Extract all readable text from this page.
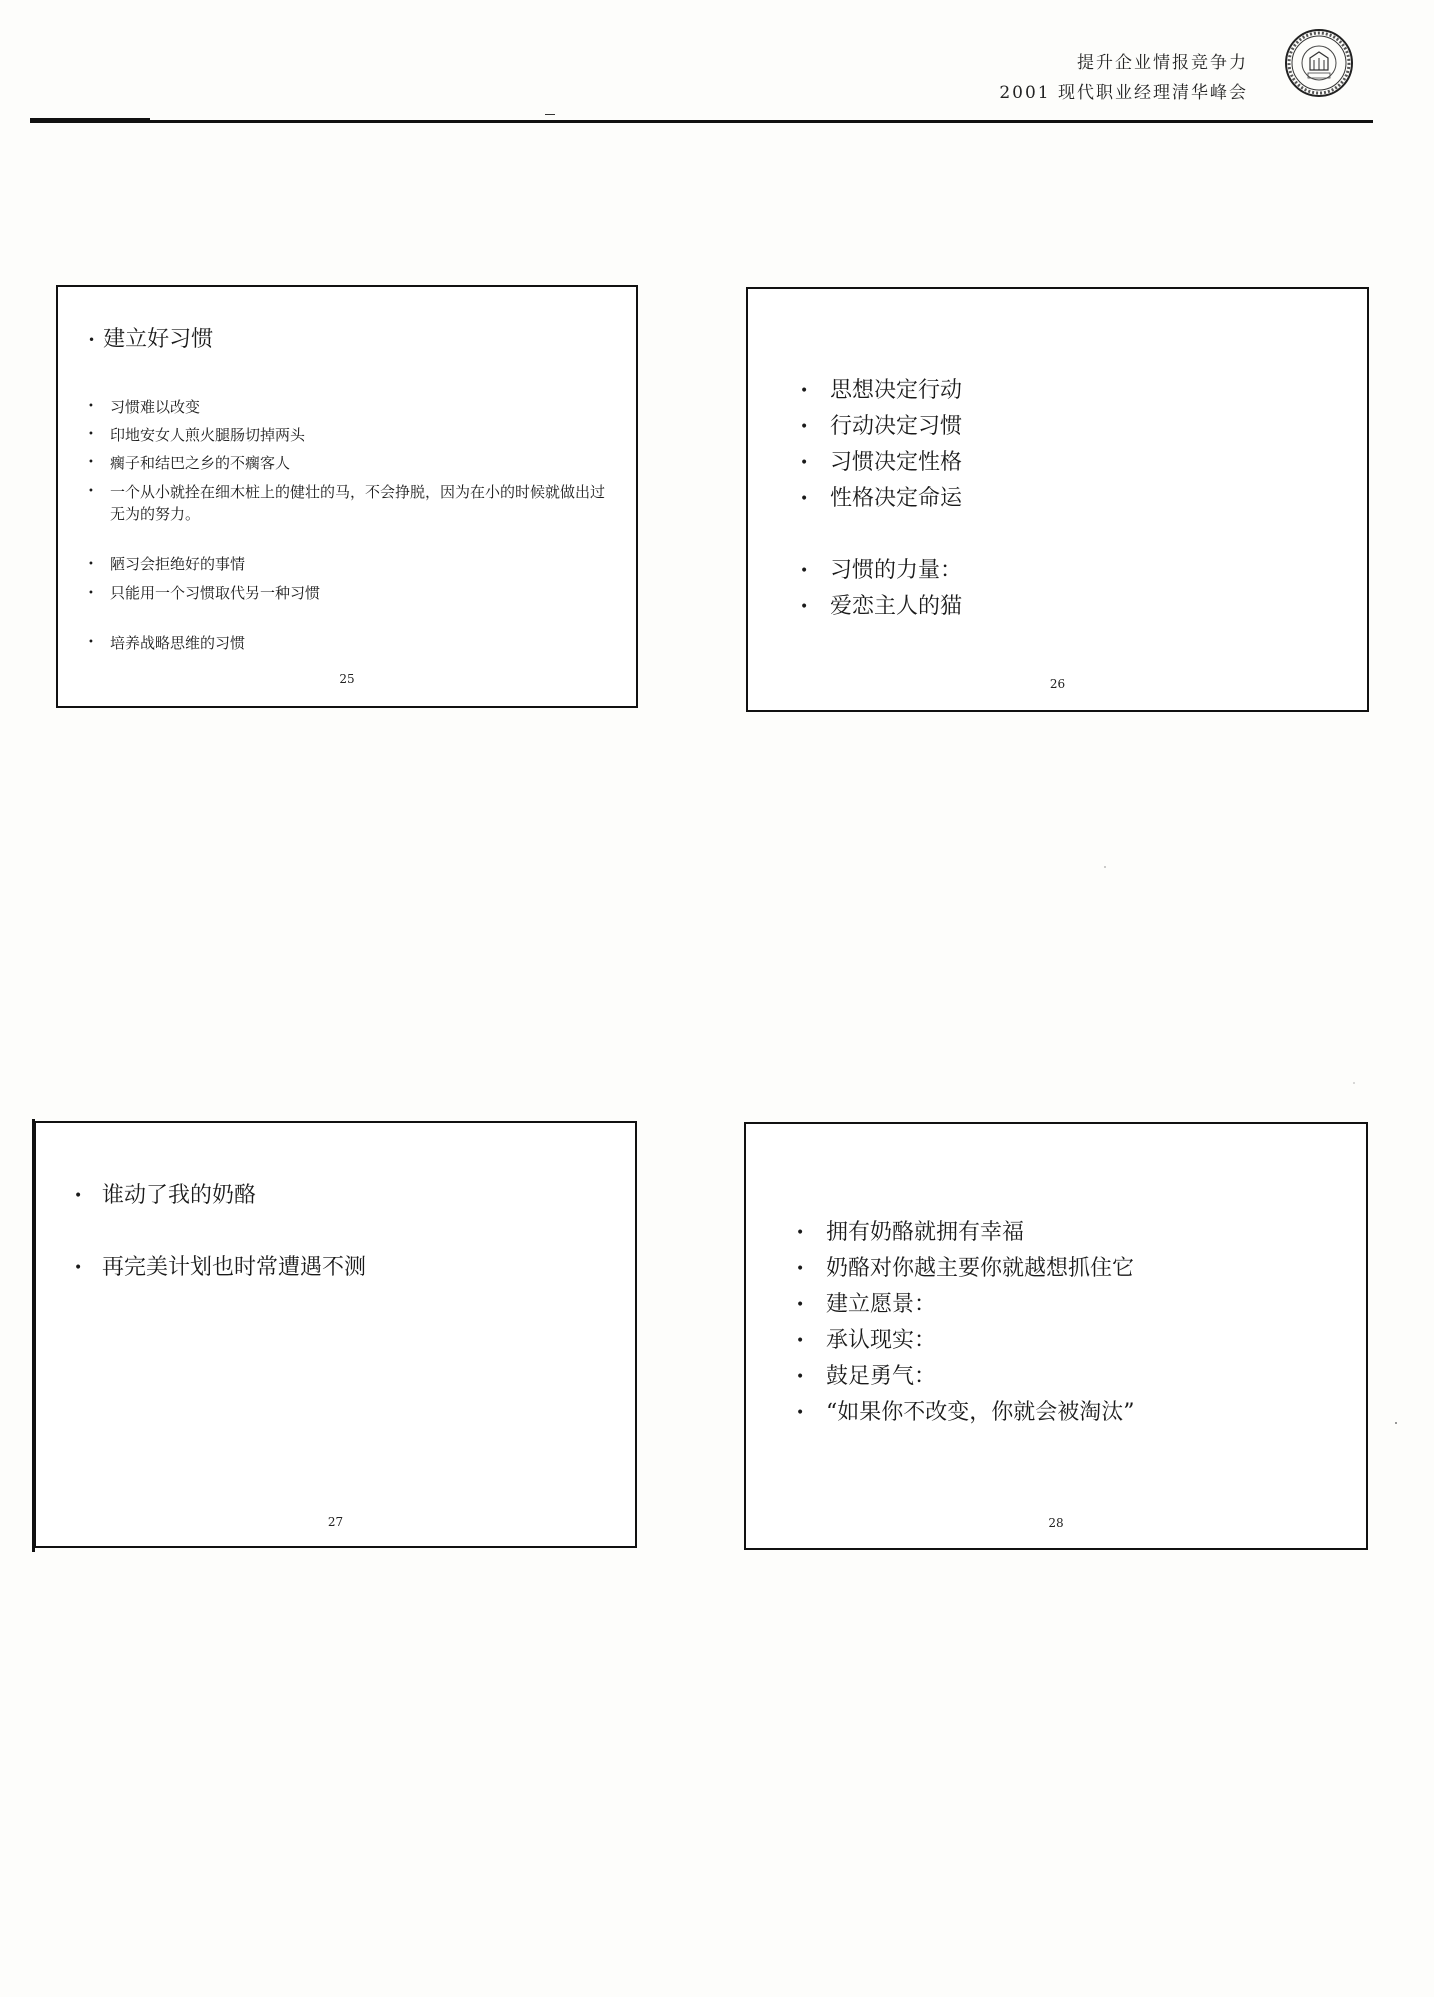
提升企业情报竞争力
2001 现代职业经理清华峰会
• 建立好习惯
• 习惯难以改变
• 印地安女人煎火腿肠切掉两头
• 瘸子和结巴之乡的不瘸客人
• 一个从小就拴在细木桩上的健壮的马，不会挣脱，因为在小的时候就做出过无为的努力。
• 陋习会拒绝好的事情
• 只能用一个习惯取代另一种习惯
• 培养战略思维的习惯
25
• 思想决定行动
• 行动决定习惯
• 习惯决定性格
• 性格决定命运
• 习惯的力量：
• 爱恋主人的猫
26
• 谁动了我的奶酪
• 再完美计划也时常遭遇不测
27
• 拥有奶酪就拥有幸福
• 奶酪对你越主要你就越想抓住它
• 建立愿景：
• 承认现实：
• 鼓足勇气：
• “如果你不改变，你就会被淘汰”
28
